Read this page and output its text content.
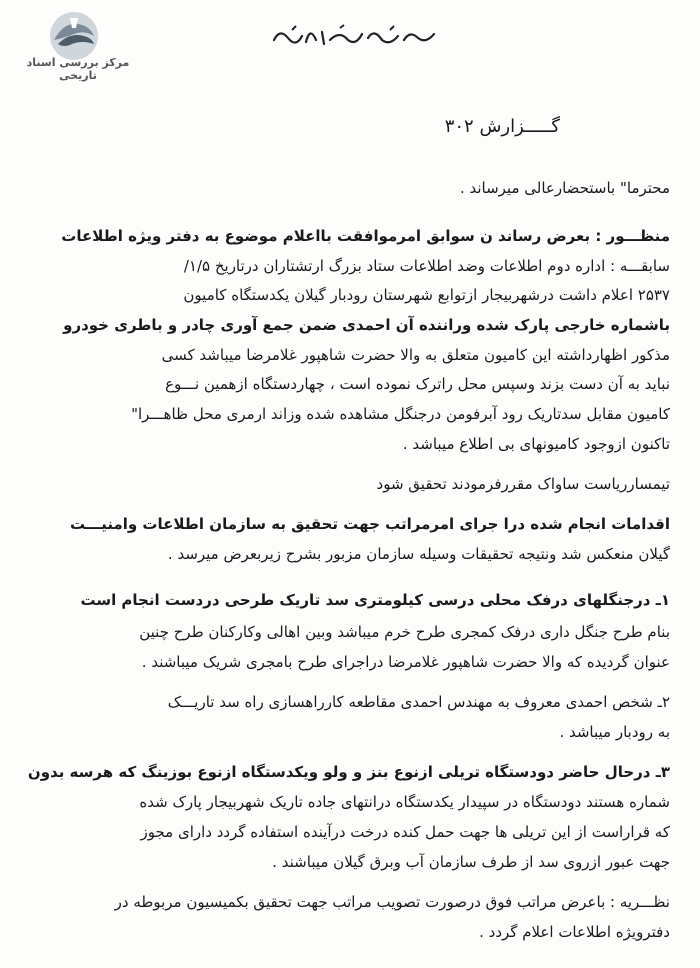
مرکز بررسی اسناد تاریخی
گـــــزارش ۳۰۲
محترما" باستحضارعالی میرساند .
منظـــور : بعرض رساند ن سوابق امرموافقت بااعلام موضوع به دفتر ویژه اطلاعات
سابقـــه : اداره دوم اطلاعات وضد اطلاعات ستاد بزرگ ارتشتاران درتاریخ ۱/۵/
۲۵۳۷ اعلام داشت درشهربیجار ازتوابع شهرستان رودبار گیلان یکدستگاه کامیون
باشماره خارجی پارک شده وراننده آن احمدی ضمن جمع آوری چادر و باطری خودرو
مذکور اظهارداشته این کامیون متعلق به والا حضرت شاهپور غلامرضا میباشد کسی
نباید به آن دست بزند وسپس محل راترک نموده است ، چهاردستگاه ازهمین نـــوع
کامیون مقابل سدتاریک رود آبرفومن درجنگل مشاهده شده وزاند ارمری محل ظاهـــرا"
تاکنون ازوجود کامیونهای بی اطلاع میباشد .
تیمسارریاست ساواک مقررفرمودند تحقیق شود
اقدامات انجام شده درا جرای امرمراتب جهت تحقیق به سازمان اطلاعات وامنیـــت
گیلان منعکس شد ونتیجه تحقیقات وسیله سازمان مزبور بشرح زیربعرض میرسد .
۱ـ درجنگلهای درفک محلی درسی کیلومتری سد تاریک طرحی دردست انجام است
بنام طرح جنگل داری درفک کمجری طرح خرم میباشد وبین اهالی وکارکنان طرح چنین
عنوان گردیده که والا حضرت شاهپور غلامرضا دراجرای طرح بامجری شریک میباشند .
۲ـ شخص احمدی معروف به مهندس احمدی مقاطعه کارراهسازی راه سد تاریـــک
به رودبار میباشد .
۳ـ درحال حاضر دودستگاه تریلی ازنوع بنز و ولو ویکدستگاه ازنوع بوزینگ که هرسه بدون
شماره هستند دودستگاه در سپیدار یکدستگاه درانتهای جاده تاریک شهربیجار پارک شده
که قراراست از این تریلی ها جهت حمل کنده درخت درآینده استفاده گردد دارای مجوز
جهت عبور ازروی سد از طرف سازمان آب وبرق گیلان میباشند .
نظـــریه : باعرض مراتب فوق درصورت تصویب مراتب جهت تحقیق بکمیسیون مربوطه در
دفترویژه اطلاعات اعلام گردد .
